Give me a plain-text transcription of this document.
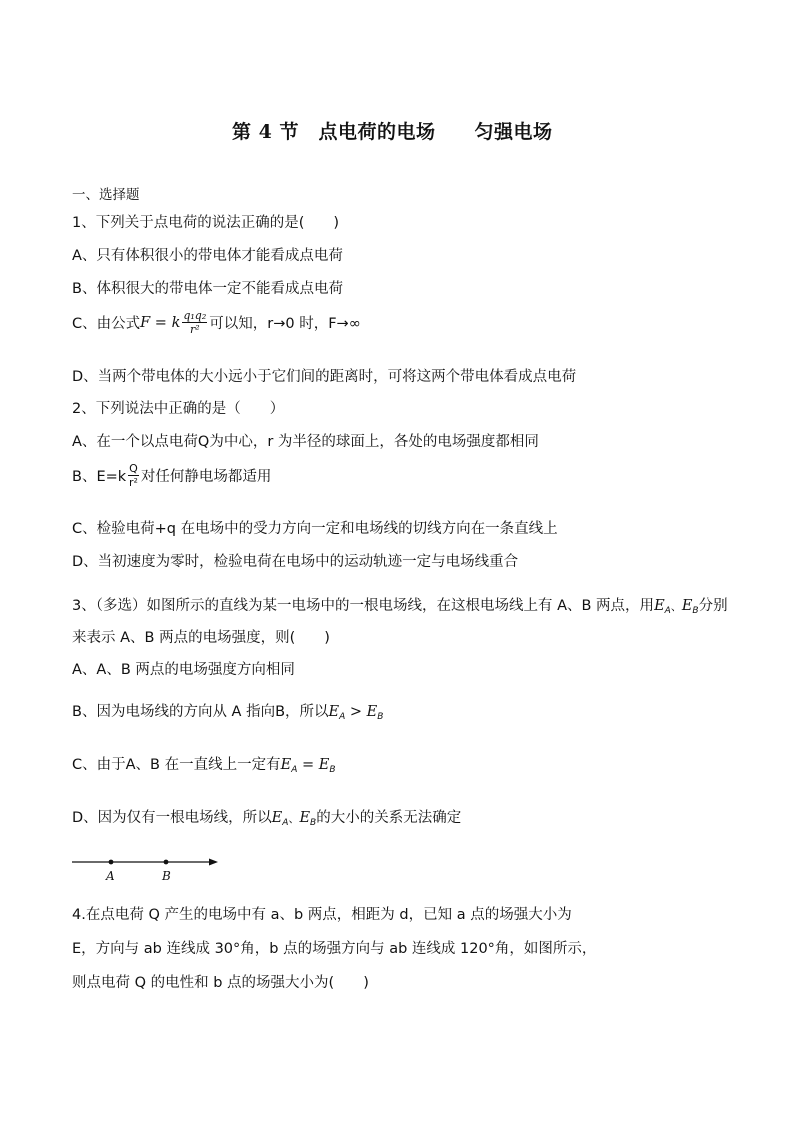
第 4 节　点电荷的电场　　匀强电场
一、选择题
1、下列关于点电荷的说法正确的是(　　)
A、只有体积很小的带电体才能看成点电荷
B、体积很大的带电体一定不能看成点电荷
C、由公式 F = k $\frac{\text{q₁q₂}}{\text{r²}}$ 可以知，r→0 时，F→∞
D、当两个带电体的大小远小于它们间的距离时，可将这两个带电体看成点电荷
2、下列说法中正确的是（　　）
A、在一个以点电荷Q为中心，r 为半径的球面上，各处的电场强度都相同
B、$E=k \frac{Q}{\text{r²}}$ 对任何静电场都适用
C、检验电荷+q 在电场中的受力方向一定和电场线的切线方向在一条直线上
D、当初速度为零时，检验电荷在电场中的运动轨迹一定与电场线重合
3、（多选）如图所示的直线为某一电场中的一根电场线，在这根电场线上有 A、B 两点，用$E_A$、$E_B$分别
来表示 A、B 两点的电场强度，则(　　)
A、A、B 两点的电场强度方向相同
B、因为电场线的方向从 A 指向B，所以$E_A > E_B$
C、由于A、B 在一直线上一定有$E_A = E_B$
D、因为仅有一根电场线，所以$E_A$、$E_B$的大小的关系无法确定
A	B
4.在点电荷 Q 产生的电场中有 a、b 两点，相距为 d，已知 a 点的场强大小为
E，方向与 ab 连线成 30°角，b 点的场强方向与 ab 连线成 120°角，如图所示，
则点电荷 Q 的电性和 b 点的场强大小为(　　)
